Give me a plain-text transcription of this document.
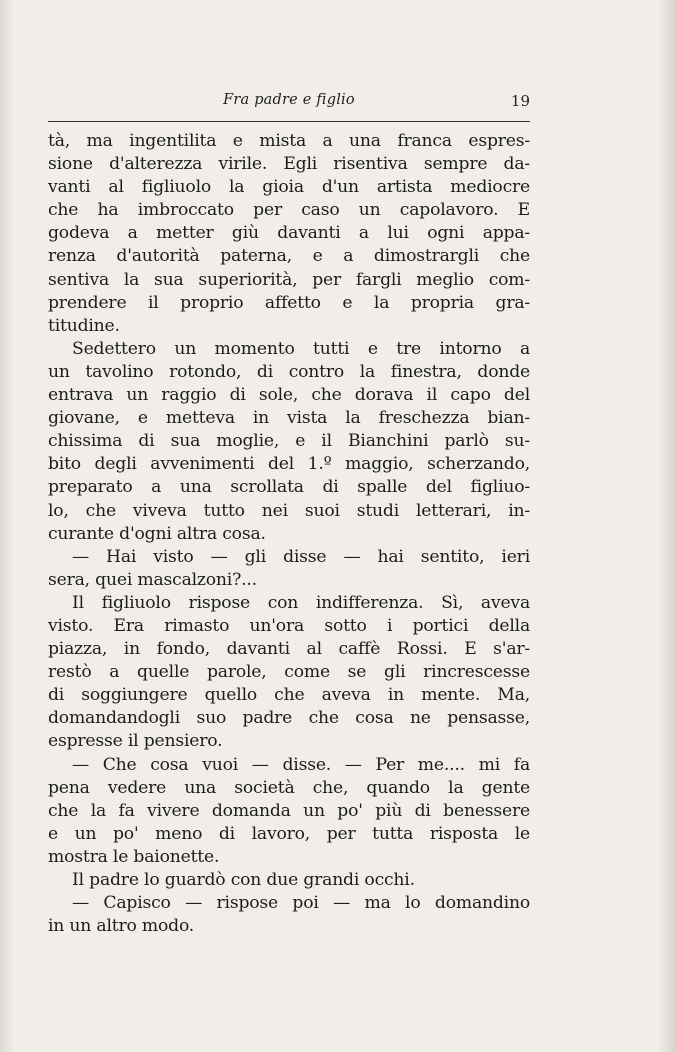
Fra padre e figlio	19
tà, ma ingentilita e mista a una franca espres-
sione d'alterezza virile. Egli risentiva sempre da-
vanti al figliuolo la gioia d'un artista mediocre
che ha imbroccato per caso un capolavoro. E
godeva a metter giù davanti a lui ogni appa-
renza d'autorità paterna, e a dimostrargli che
sentiva la sua superiorità, per fargli meglio com-
prendere il proprio affetto e la propria gra-
titudine.
Sedettero un momento tutti e tre intorno a
un tavolino rotondo, di contro la finestra, donde
entrava un raggio di sole, che dorava il capo del
giovane, e metteva in vista la freschezza bian-
chissima di sua moglie, e il Bianchini parlò su-
bito degli avvenimenti del 1.º maggio, scherzando,
preparato a una scrollata di spalle del figliuo-
lo, che viveva tutto nei suoi studi letterari, in-
curante d'ogni altra cosa.
— Hai visto — gli disse — hai sentito, ieri
sera, quei mascalzoni?...
Il figliuolo rispose con indifferenza. Sì, aveva
visto. Era rimasto un'ora sotto i portici della
piazza, in fondo, davanti al caffè Rossi. E s'ar-
restò a quelle parole, come se gli rincrescesse
di soggiungere quello che aveva in mente. Ma,
domandandogli suo padre che cosa ne pensasse,
espresse il pensiero.
— Che cosa vuoi — disse. — Per me.... mi fa
pena vedere una società che, quando la gente
che la fa vivere domanda un po' più di benessere
e un po' meno di lavoro, per tutta risposta le
mostra le baionette.
Il padre lo guardò con due grandi occhi.
— Capisco — rispose poi — ma lo domandino
in un altro modo.
